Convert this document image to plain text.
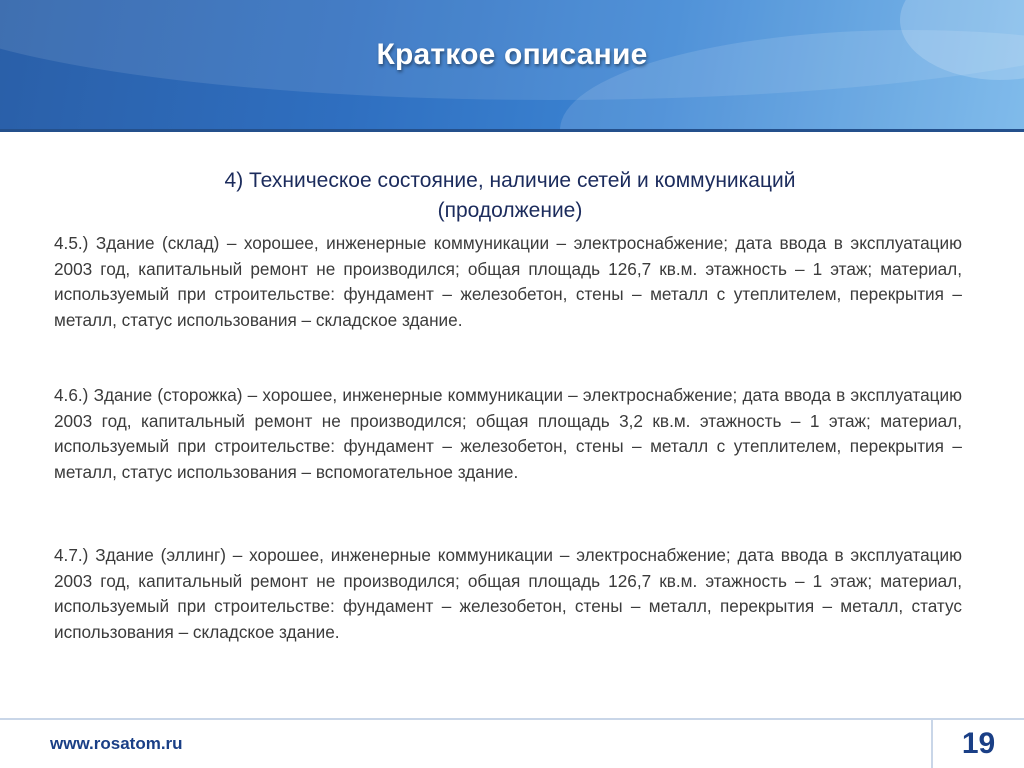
Краткое описание
4) Техническое состояние, наличие сетей и коммуникаций
(продолжение)
4.5.) Здание (склад) – хорошее, инженерные коммуникации – электроснабжение; дата ввода в эксплуатацию 2003 год, капитальный ремонт не производился; общая площадь 126,7 кв.м. этажность – 1 этаж; материал, используемый при строительстве: фундамент – железобетон, стены – металл с утеплителем, перекрытия – металл, статус использования – складское здание.
4.6.) Здание (сторожка) – хорошее, инженерные коммуникации – электроснабжение; дата ввода в эксплуатацию 2003 год, капитальный ремонт не производился; общая площадь 3,2 кв.м. этажность – 1 этаж; материал, используемый при строительстве: фундамент – железобетон, стены – металл с утеплителем, перекрытия – металл, статус использования – вспомогательное здание.
4.7.) Здание (эллинг) – хорошее, инженерные коммуникации – электроснабжение; дата ввода в эксплуатацию 2003 год, капитальный ремонт не производился; общая площадь 126,7 кв.м. этажность – 1 этаж; материал, используемый при строительстве: фундамент – железобетон, стены – металл, перекрытия – металл, статус использования – складское здание.
www.rosatom.ru	19
